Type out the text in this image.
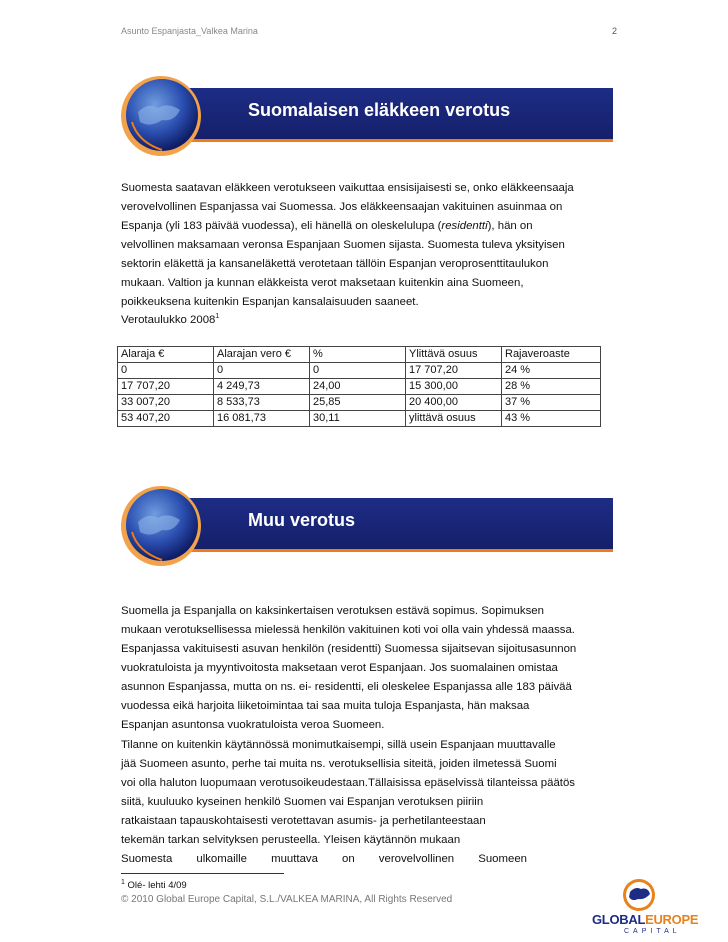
Asunto Espanjasta_Valkea Marina	2
Suomalaisen eläkkeen verotus
Suomesta saatavan eläkkeen verotukseen vaikuttaa ensisijaisesti se, onko eläkkeensaaja
verovelvollinen Espanjassa vai Suomessa. Jos eläkkeensaajan vakituinen asuinmaa on
Espanja (yli 183 päivää vuodessa), eli hänellä on oleskelulupa (residentti), hän on
velvollinen maksamaan veronsa Espanjaan Suomen sijasta. Suomesta tuleva yksityisen
sektorin eläkettä ja kansaneläkettä verotetaan tällöin Espanjan veroprosenttitaulukon
mukaan. Valtion ja kunnan eläkkeista verot maksetaan kuitenkin aina Suomeen,
poikkeuksena kuitenkin Espanjan kansalaisuuden saaneet.
Verotaulukko 2008$^1$
Alaraja €	Alarajan vero €	%	Ylittävä osuus	Rajaveroaste
0	0	0	17 707,20	24 %
17 707,20	4 249,73	24,00	15 300,00	28 %
33 007,20	8 533,73	25,85	20 400,00	37 %
53 407,20	16 081,73	30,11	ylittävä osuus	43 %
Muu verotus
Suomella ja Espanjalla on kaksinkertaisen verotuksen estävä sopimus. Sopimuksen
mukaan verotuksellisessa mielessä henkilön vakituinen koti voi olla vain yhdessä maassa.
Espanjassa vakituisesti asuvan henkilön (residentti) Suomessa sijaitsevan sijoitusasunnon
vuokratuloista ja myyntivoitosta maksetaan verot Espanjaan. Jos suomalainen omistaa
asunnon Espanjassa, mutta on ns. ei- residentti, eli oleskelee Espanjassa alle 183 päivää
vuodessa eikä harjoita liiketoimintaa tai saa muita tuloja Espanjasta, hän maksaa
Espanjan asuntonsa vuokratuloista veroa Suomeen.
Tilanne on kuitenkin käytännössä monimutkaisempi, sillä usein Espanjaan muuttavalle
jää Suomeen asunto, perhe tai muita ns. verotuksellisia siteitä, joiden ilmetessä Suomi
voi olla haluton luopumaan verotusoikeudestaan.Tällaisissa epäselvissä tilanteissa päätös
siitä, kuuluuko kyseinen henkilö Suomen vai Espanjan verotuksen piiriin
ratkaistaan tapauskohtaisesti verotettavan asumis- ja perhetilanteestaan
tekemän tarkan selvityksen perusteella. Yleisen käytännön mukaan
Suomesta ulkomaille muuttava on verovelvollinen Suomeen
$^1$ Olé- lehti 4/09
© 2010 Global Europe Capital, S.L./VALKEA MARINA, All Rights Reserved
GLOBALEUROPE
CAPITAL
